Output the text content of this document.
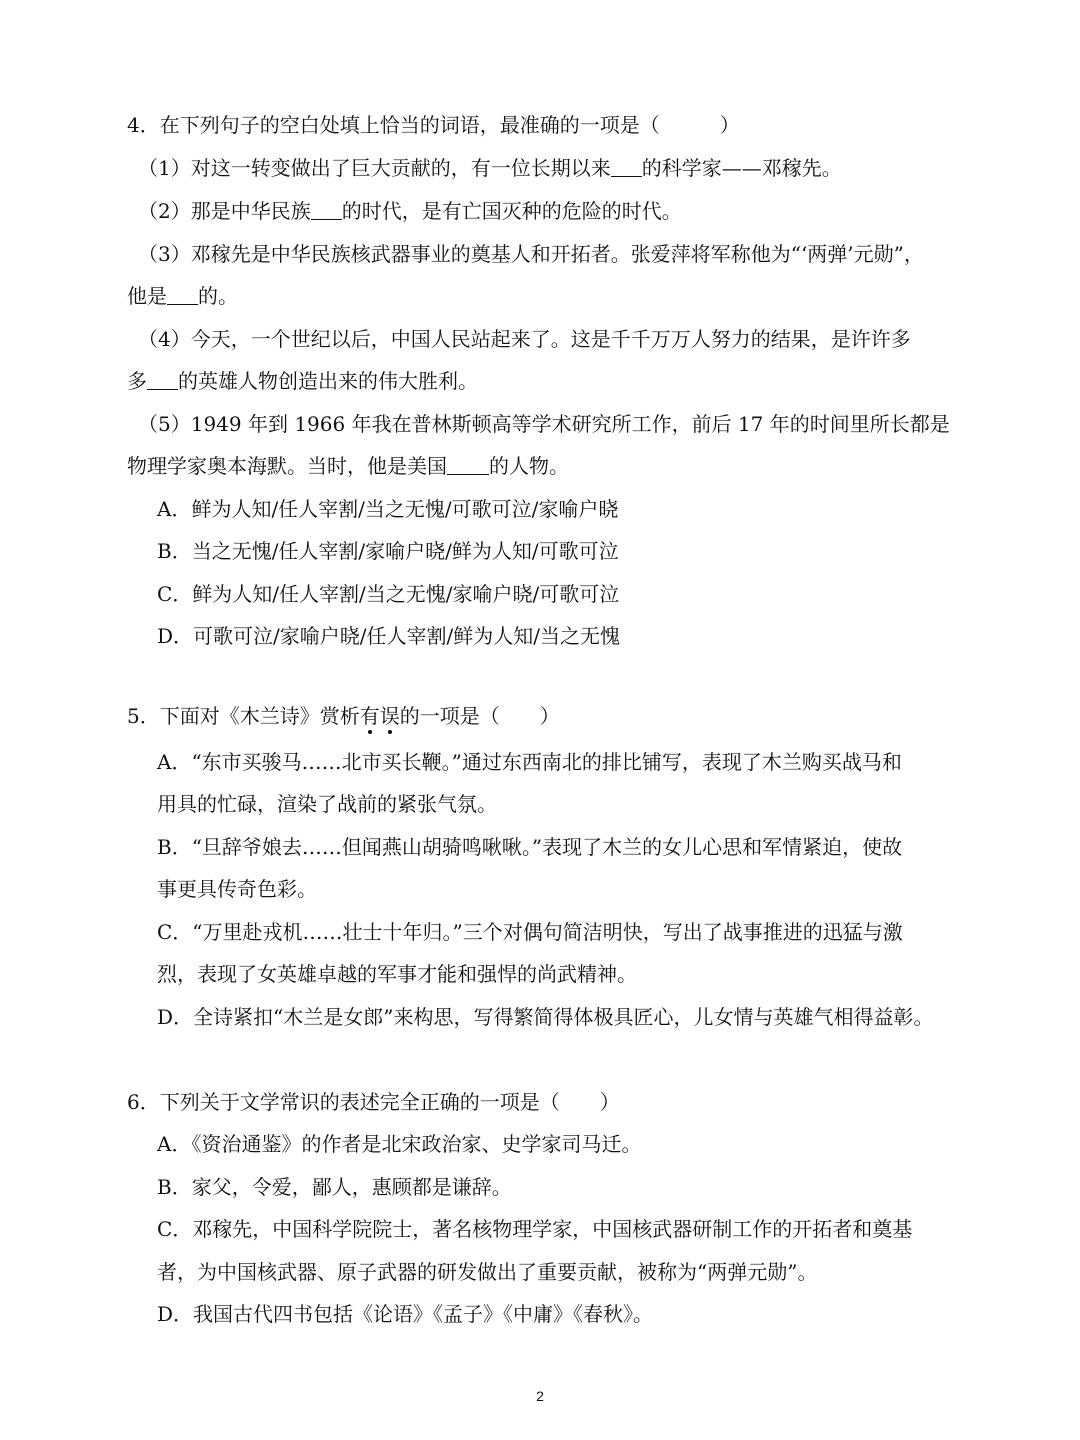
4．在下列句子的空白处填上恰当的词语，最准确的一项是（　　　）
（1）对这一转变做出了巨大贡献的，有一位长期以来 的科学家——邓稼先。
（2）那是中华民族 的时代，是有亡国灭种的危险的时代。
（3）邓稼先是中华民族核武器事业的奠基人和开拓者。张爱萍将军称他为“‘两弹’元勋”，
他是 的。
（4）今天，一个世纪以后，中国人民站起来了。这是千千万万人努力的结果，是许许多
多 的英雄人物创造出来的伟大胜利。
（5）1949 年到 1966 年我在普林斯顿高等学术研究所工作，前后 17 年的时间里所长都是
物理学家奥本海默。当时，他是美国 的人物。
A．鲜为人知/任人宰割/当之无愧/可歌可泣/家喻户晓
B．当之无愧/任人宰割/家喻户晓/鲜为人知/可歌可泣
C．鲜为人知/任人宰割/当之无愧/家喻户晓/可歌可泣
D．可歌可泣/家喻户晓/任人宰割/鲜为人知/当之无愧
5．下面对《木兰诗》赏析有误的一项是（　　）
A．“东市买骏马……北市买长鞭。”通过东西南北的排比铺写，表现了木兰购买战马和
用具的忙碌，渲染了战前的紧张气氛。
B．“旦辞爷娘去……但闻燕山胡骑鸣啾啾。”表现了木兰的女儿心思和军情紧迫，使故
事更具传奇色彩。
C．“万里赴戎机……壮士十年归。”三个对偶句简洁明快，写出了战事推进的迅猛与激
烈，表现了女英雄卓越的军事才能和强悍的尚武精神。
D．全诗紧扣“木兰是女郎”来构思，写得繁简得体极具匠心，儿女情与英雄气相得益彰。
6．下列关于文学常识的表述完全正确的一项是（　　）
A．《资治通鉴》的作者是北宋政治家、史学家司马迁。
B．家父，令爱，鄙人，惠顾都是谦辞。
C．邓稼先，中国科学院院士，著名核物理学家，中国核武器研制工作的开拓者和奠基
者，为中国核武器、原子武器的研发做出了重要贡献，被称为“两弹元勋”。
D．我国古代四书包括《论语》《孟子》《中庸》《春秋》。
2
